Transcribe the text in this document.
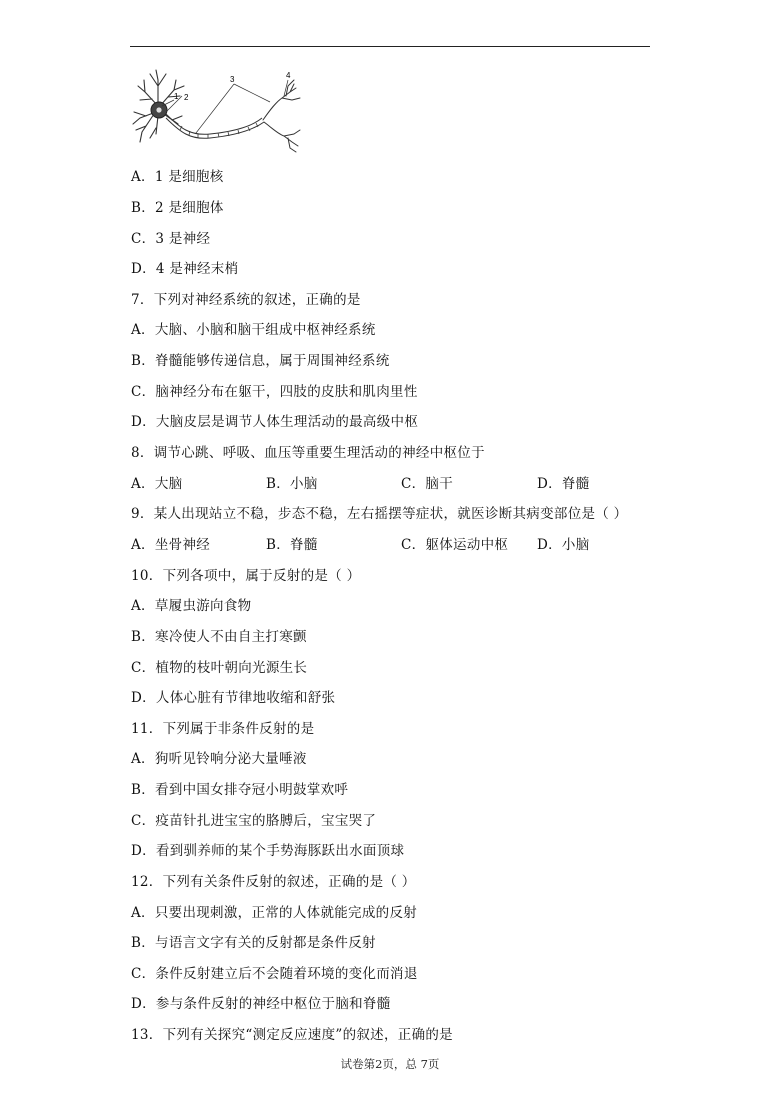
1 2
3	4
A．1 是细胞核
B．2 是细胞体
C．3 是神经
D．4 是神经末梢
7．下列对神经系统的叙述，正确的是
A．大脑、小脑和脑干组成中枢神经系统
B．脊髓能够传递信息，属于周围神经系统
C．脑神经分布在躯干，四肢的皮肤和肌肉里性
D．大脑皮层是调节人体生理活动的最高级中枢
8．调节心跳、呼吸、血压等重要生理活动的神经中枢位于
A．大脑	B．小脑	C．脑干	D．脊髓
9．某人出现站立不稳，步态不稳，左右摇摆等症状，就医诊断其病变部位是（ ）
A．坐骨神经	B．脊髓	C．躯体运动中枢 D．小脑
10．下列各项中，属于反射的是（ ）
A．草履虫游向食物
B．寒冷使人不由自主打寒颤
C．植物的枝叶朝向光源生长
D．人体心脏有节律地收缩和舒张
11．下列属于非条件反射的是
A．狗听见铃响分泌大量唾液
B．看到中国女排夺冠小明鼓掌欢呼
C．疫苗针扎进宝宝的胳膊后，宝宝哭了
D．看到驯养师的某个手势海豚跃出水面顶球
12．下列有关条件反射的叙述，正确的是（ ）
A．只要出现刺激，正常的人体就能完成的反射
B．与语言文字有关的反射都是条件反射
C．条件反射建立后不会随着环境的变化而消退
D．参与条件反射的神经中枢位于脑和脊髓
13．下列有关探究“测定反应速度”的叙述，正确的是
试卷第2页，总 7页
